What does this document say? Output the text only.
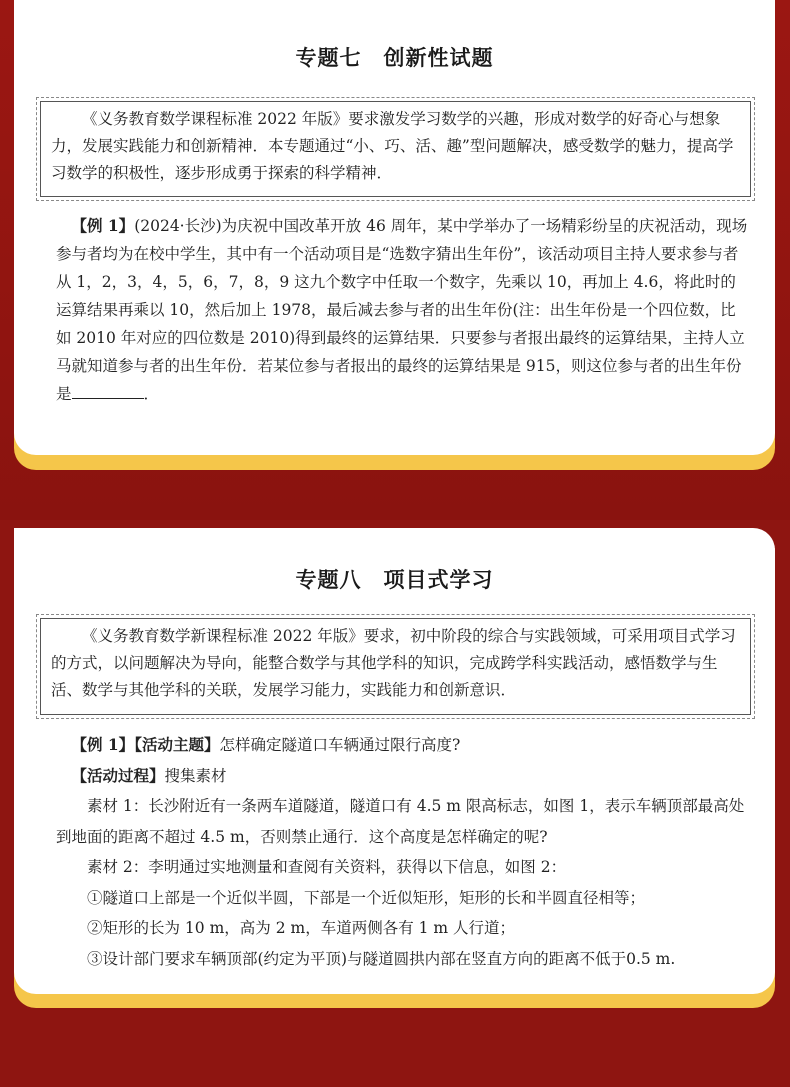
专题七　创新性试题
《义务教育数学课程标准 2022 年版》要求激发学习数学的兴趣，形成对数学的好奇心与想象力，发展实践能力和创新精神．本专题通过“小、巧、活、趣”型问题解决，感受数学的魅力，提高学习数学的积极性，逐步形成勇于探索的科学精神．

【例 1】(2024·长沙)为庆祝中国改革开放 46 周年，某中学举办了一场精彩纷呈的庆祝活动，现场参与者均为在校中学生，其中有一个活动项目是“选数字猜出生年份”，该活动项目主持人要求参与者从 1，2，3，4，5，6，7，8，9 这九个数字中任取一个数字，先乘以 10，再加上 4.6，将此时的运算结果再乘以 10，然后加上 1978，最后减去参与者的出生年份(注：出生年份是一个四位数，比如 2010 年对应的四位数是 2010)得到最终的运算结果．只要参与者报出最终的运算结果，主持人立马就知道参与者的出生年份．若某位参与者报出的最终的运算结果是 915，则这位参与者的出生年份是	．

专题八　项目式学习
《义务教育数学新课程标准 2022 年版》要求，初中阶段的综合与实践领域，可采用项目式学习的方式，以问题解决为导向，能整合数学与其他学科的知识，完成跨学科实践活动，感悟数学与生活、数学与其他学科的关联，发展学习能力，实践能力和创新意识．

【例 1】【活动主题】怎样确定隧道口车辆通过限行高度?

【活动过程】搜集素材

素材 1：长沙附近有一条两车道隧道，隧道口有 4.5 m 限高标志，如图 1，表示车辆顶部最高处到地面的距离不超过 4.5 m，否则禁止通行．这个高度是怎样确定的呢?

素材 2：李明通过实地测量和查阅有关资料，获得以下信息，如图 2：

①隧道口上部是一个近似半圆，下部是一个近似矩形，矩形的长和半圆直径相等；

②矩形的长为 10 m，高为 2 m，车道两侧各有 1 m 人行道；

③设计部门要求车辆顶部(约定为平顶)与隧道圆拱内部在竖直方向的距离不低于0.5 m.
